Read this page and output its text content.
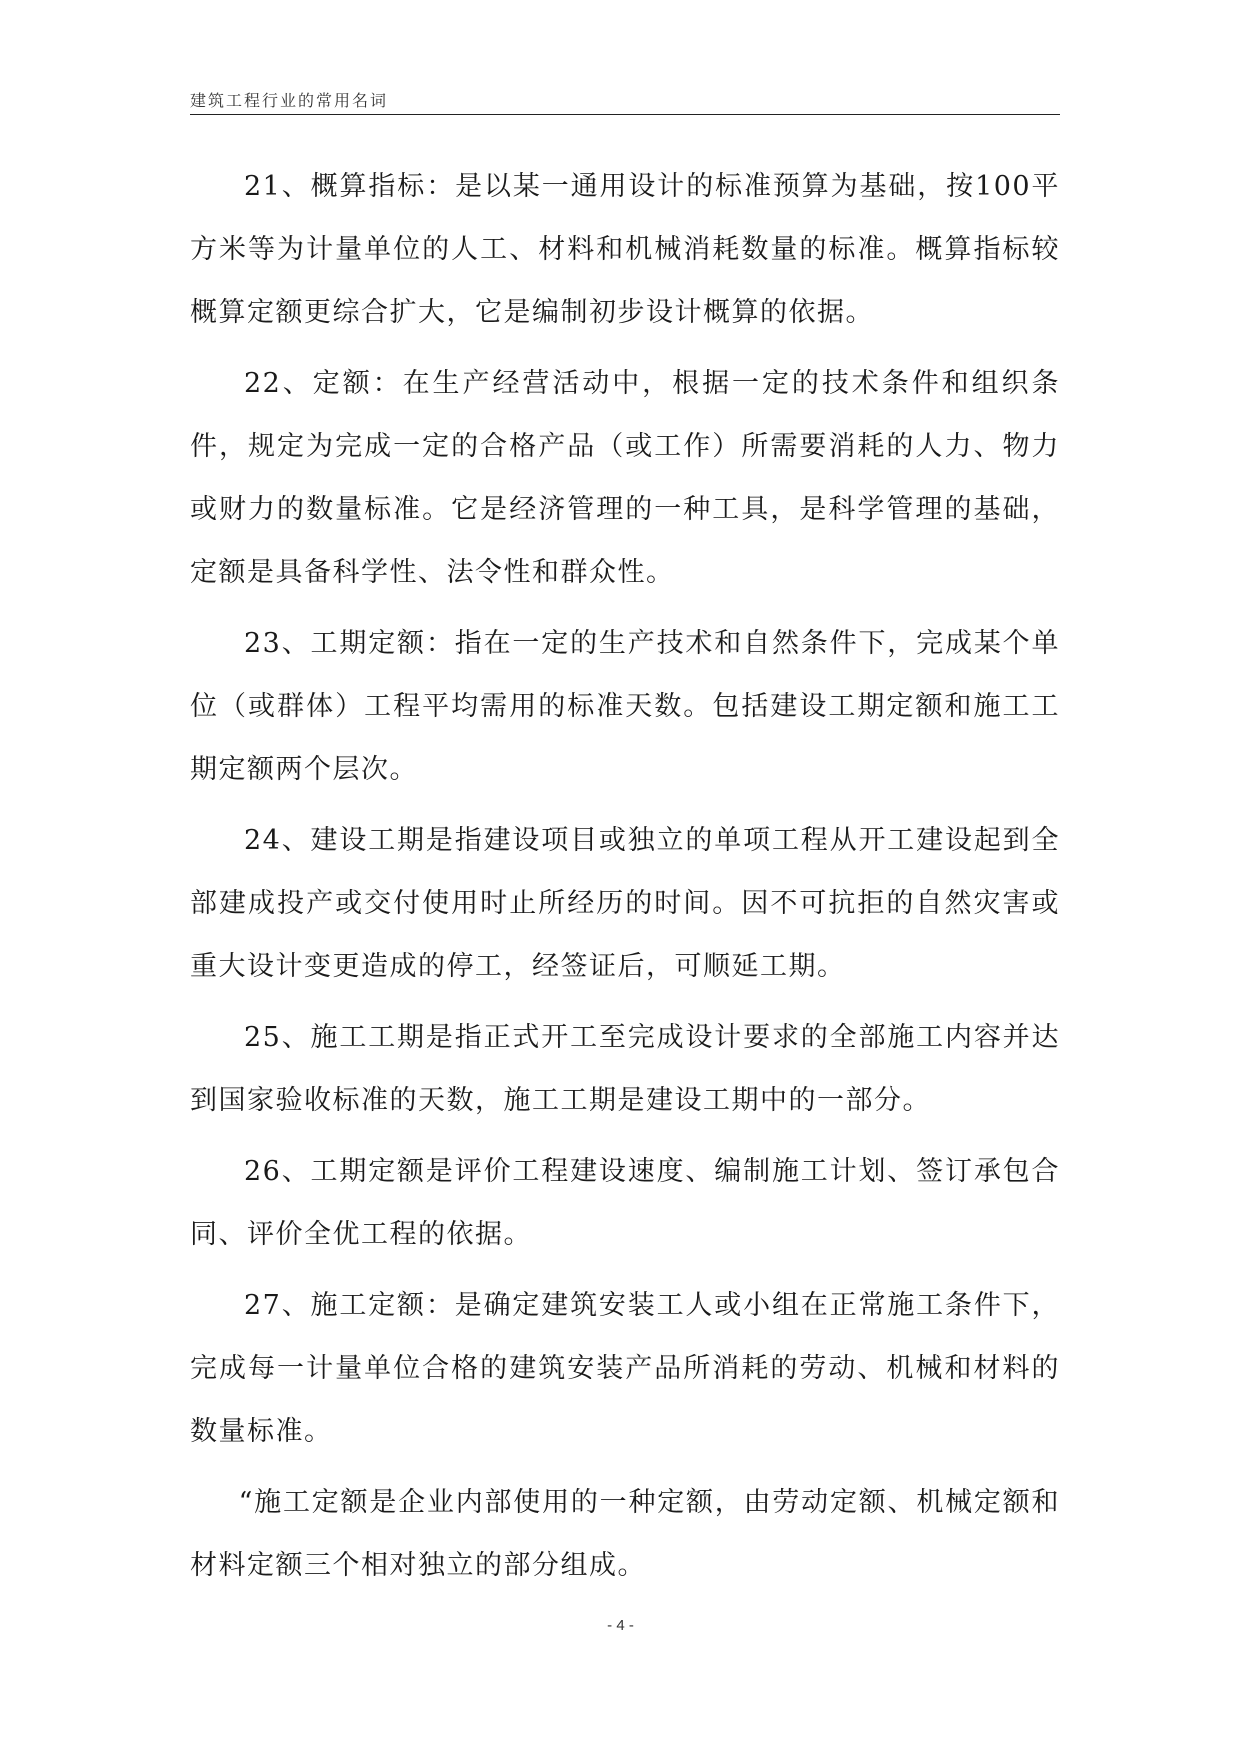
建筑工程行业的常用名词

21、概算指标：是以某一通用设计的标准预算为基础，按100平方米等为计量单位的人工、材料和机械消耗数量的标准。概算指标较概算定额更综合扩大，它是编制初步设计概算的依据。

22、定额：在生产经营活动中，根据一定的技术条件和组织条件，规定为完成一定的合格产品（或工作）所需要消耗的人力、物力或财力的数量标准。它是经济管理的一种工具，是科学管理的基础，定额是具备科学性、法令性和群众性。

23、工期定额：指在一定的生产技术和自然条件下，完成某个单位（或群体）工程平均需用的标准天数。包括建设工期定额和施工工期定额两个层次。

24、建设工期是指建设项目或独立的单项工程从开工建设起到全部建成投产或交付使用时止所经历的时间。因不可抗拒的自然灾害或重大设计变更造成的停工，经签证后，可顺延工期。

25、施工工期是指正式开工至完成设计要求的全部施工内容并达到国家验收标准的天数，施工工期是建设工期中的一部分。

26、工期定额是评价工程建设速度、编制施工计划、签订承包合同、评价全优工程的依据。

27、施工定额：是确定建筑安装工人或小组在正常施工条件下，完成每一计量单位合格的建筑安装产品所消耗的劳动、机械和材料的数量标准。

“施工定额是企业内部使用的一种定额，由劳动定额、机械定额和材料定额三个相对独立的部分组成。

- 4 -
